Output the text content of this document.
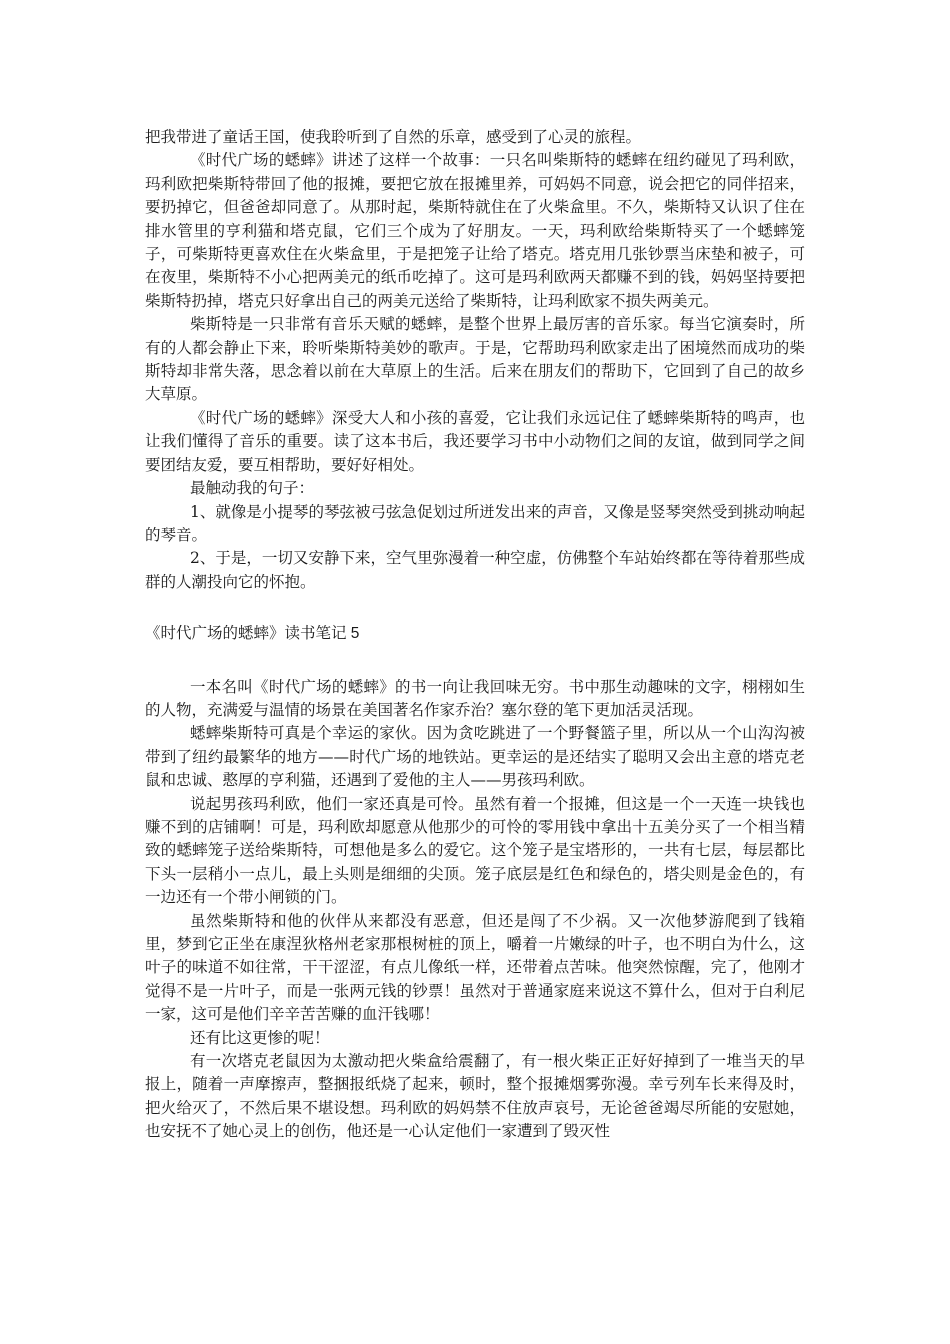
把我带进了童话王国，使我聆听到了自然的乐章，感受到了心灵的旅程。

《时代广场的蟋蟀》讲述了这样一个故事：一只名叫柴斯特的蟋蟀在纽约碰见了玛利欧，玛利欧把柴斯特带回了他的报摊，要把它放在报摊里养，可妈妈不同意，说会把它的同伴招来，要扔掉它，但爸爸却同意了。从那时起，柴斯特就住在了火柴盒里。不久，柴斯特又认识了住在排水管里的亨利猫和塔克鼠，它们三个成为了好朋友。一天，玛利欧给柴斯特买了一个蟋蟀笼子，可柴斯特更喜欢住在火柴盒里，于是把笼子让给了塔克。塔克用几张钞票当床垫和被子，可在夜里，柴斯特不小心把两美元的纸币吃掉了。这可是玛利欧两天都赚不到的钱，妈妈坚持要把柴斯特扔掉，塔克只好拿出自己的两美元送给了柴斯特，让玛利欧家不损失两美元。

柴斯特是一只非常有音乐天赋的蟋蟀，是整个世界上最厉害的音乐家。每当它演奏时，所有的人都会静止下来，聆听柴斯特美妙的歌声。于是，它帮助玛利欧家走出了困境然而成功的柴斯特却非常失落，思念着以前在大草原上的生活。后来在朋友们的帮助下，它回到了自己的故乡大草原。

《时代广场的蟋蟀》深受大人和小孩的喜爱，它让我们永远记住了蟋蟀柴斯特的鸣声，也让我们懂得了音乐的重要。读了这本书后，我还要学习书中小动物们之间的友谊，做到同学之间要团结友爱，要互相帮助，要好好相处。

最触动我的句子：

1、就像是小提琴的琴弦被弓弦急促划过所迸发出来的声音，又像是竖琴突然受到挑动响起的琴音。

2、于是，一切又安静下来，空气里弥漫着一种空虚，仿佛整个车站始终都在等待着那些成群的人潮投向它的怀抱。

《时代广场的蟋蟀》读书笔记 5

一本名叫《时代广场的蟋蟀》的书一向让我回味无穷。书中那生动趣味的文字，栩栩如生的人物，充满爱与温情的场景在美国著名作家乔治？塞尔登的笔下更加活灵活现。

蟋蟀柴斯特可真是个幸运的家伙。因为贪吃跳进了一个野餐篮子里，所以从一个山沟沟被带到了纽约最繁华的地方——时代广场的地铁站。更幸运的是还结实了聪明又会出主意的塔克老鼠和忠诚、憨厚的亨利猫，还遇到了爱他的主人——男孩玛利欧。

说起男孩玛利欧，他们一家还真是可怜。虽然有着一个报摊，但这是一个一天连一块钱也赚不到的店铺啊！可是，玛利欧却愿意从他那少的可怜的零用钱中拿出十五美分买了一个相当精致的蟋蟀笼子送给柴斯特，可想他是多么的爱它。这个笼子是宝塔形的，一共有七层，每层都比下头一层稍小一点儿，最上头则是细细的尖顶。笼子底层是红色和绿色的，塔尖则是金色的，有一边还有一个带小闸锁的门。

虽然柴斯特和他的伙伴从来都没有恶意，但还是闯了不少祸。又一次他梦游爬到了钱箱里，梦到它正坐在康涅狄格州老家那根树桩的顶上，嚼着一片嫩绿的叶子，也不明白为什么，这叶子的味道不如往常，干干涩涩，有点儿像纸一样，还带着点苦味。他突然惊醒，完了，他刚才觉得不是一片叶子，而是一张两元钱的钞票！虽然对于普通家庭来说这不算什么，但对于白利尼一家，这可是他们辛辛苦苦赚的血汗钱哪！

还有比这更惨的呢！

有一次塔克老鼠因为太激动把火柴盒给震翻了，有一根火柴正正好好掉到了一堆当天的早报上，随着一声摩擦声，整捆报纸烧了起来，顿时，整个报摊烟雾弥漫。幸亏列车长来得及时，把火给灭了，不然后果不堪设想。玛利欧的妈妈禁不住放声哀号，无论爸爸竭尽所能的安慰她，也安抚不了她心灵上的创伤，他还是一心认定他们一家遭到了毁灭性
